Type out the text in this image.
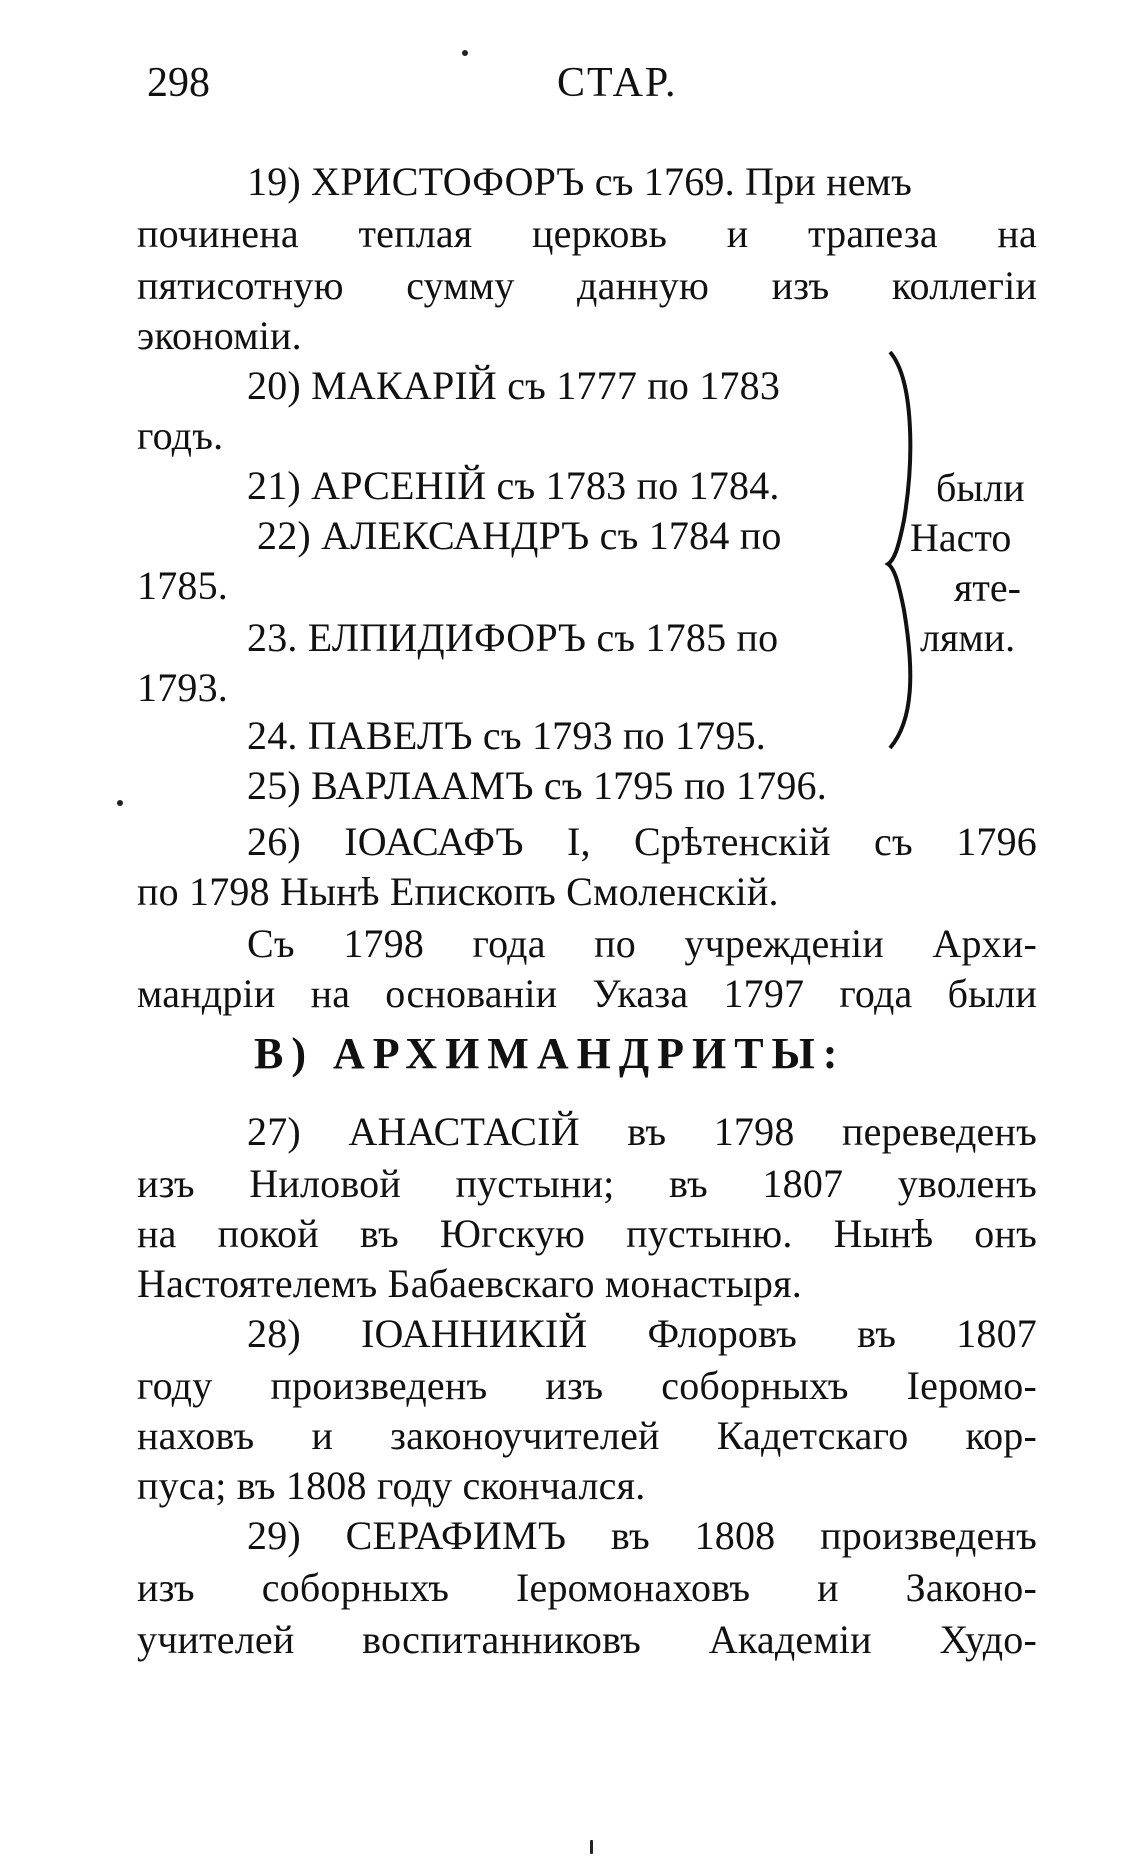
298	СТАР.
19) ХРИСТОФОРЪ съ 1769. При немъ
починена теплая церковь и трапеза на
пятисотную сумму данную изъ коллегіи
экономіи.
20) МАКАРІЙ съ 1777 по 1783
годъ.
21) АРСЕНІЙ съ 1783 по 1784.
22) АЛЕКСАНДРЪ съ 1784 по
1785.
23. ЕЛПИДИФОРЪ съ 1785 по
1793.
24. ПАВЕЛЪ съ 1793 по 1795.
25) ВАРЛААМЪ съ 1795 по 1796.
были
Насто
яте-
лями.
26) ІОАСАФЪ І, Срѣтенскій съ 1796
по 1798 Нынѣ Епископъ Смоленскій.
Съ 1798 года по учрежденіи Архи-
мандріи на основаніи Указа 1797 года были
В) АРХИМАНДРИТЫ:
27) АНАСТАСІЙ въ 1798 переведенъ
изъ Ниловой пустыни; въ 1807 уволенъ
на покой въ Югскую пустыню. Нынѣ онъ
Настоятелемъ Бабаевскаго монастыря.
28) ІОАННИКІЙ Флоровъ въ 1807
году произведенъ изъ соборныхъ Іеромо-
наховъ и законоучителей Кадетскаго кор-
пуса; въ 1808 году скончался.
29) СЕРАФИМЪ въ 1808 произведенъ
изъ соборныхъ Іеромонаховъ и Законо-
учителей воспитанниковъ Академіи Худо-
